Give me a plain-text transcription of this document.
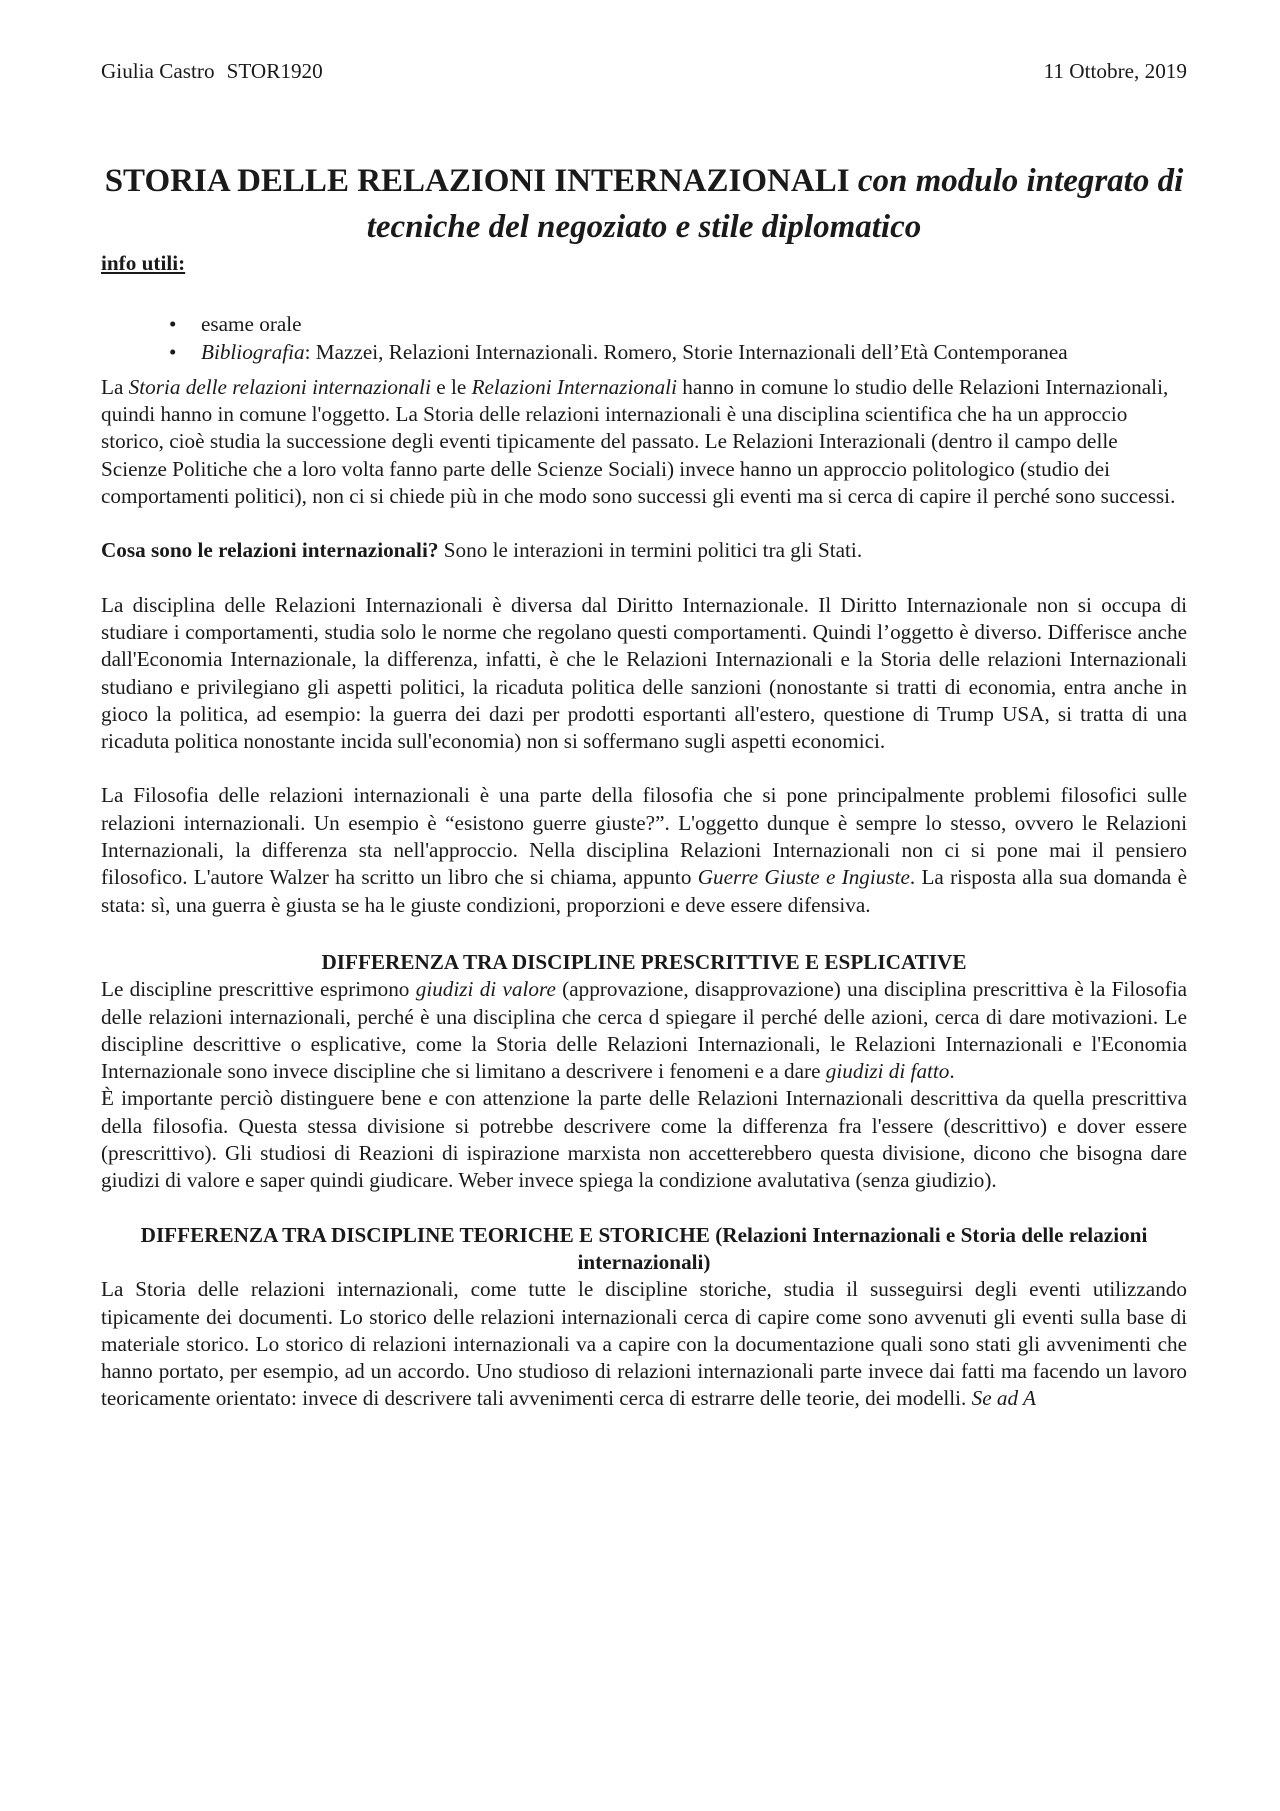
Giulia Castro STOR1920	11 Ottobre, 2019
STORIA DELLE RELAZIONI INTERNAZIONALI con modulo integrato di tecniche del negoziato e stile diplomatico

info utili:

• esame orale
• Bibliografia: Mazzei, Relazioni Internazionali. Romero, Storie Internazionali dell’Età Contemporanea

La Storia delle relazioni internazionali e le Relazioni Internazionali hanno in comune lo studio delle Relazioni Internazionali, quindi hanno in comune l'oggetto. La Storia delle relazioni internazionali è una disciplina scientifica che ha un approccio storico, cioè studia la successione degli eventi tipicamente del passato. Le Relazioni Interazionali (dentro il campo delle Scienze Politiche che a loro volta fanno parte delle Scienze Sociali) invece hanno un approccio politologico (studio dei comportamenti politici), non ci si chiede più in che modo sono successi gli eventi ma si cerca di capire il perché sono successi.

Cosa sono le relazioni internazionali? Sono le interazioni in termini politici tra gli Stati.

La disciplina delle Relazioni Internazionali è diversa dal Diritto Internazionale. Il Diritto Internazionale non si occupa di studiare i comportamenti, studia solo le norme che regolano questi comportamenti. Quindi l’oggetto è diverso. Differisce anche dall'Economia Internazionale, la differenza, infatti, è che le Relazioni Internazionali e la Storia delle relazioni Internazionali studiano e privilegiano gli aspetti politici, la ricaduta politica delle sanzioni (nonostante si tratti di economia, entra anche in gioco la politica, ad esempio: la guerra dei dazi per prodotti esportanti all'estero, questione di Trump USA, si tratta di una ricaduta politica nonostante incida sull'economia) non si soffermano sugli aspetti economici.

La Filosofia delle relazioni internazionali è una parte della filosofia che si pone principalmente problemi filosofici sulle relazioni internazionali. Un esempio è “esistono guerre giuste?”. L'oggetto dunque è sempre lo stesso, ovvero le Relazioni Internazionali, la differenza sta nell'approccio. Nella disciplina Relazioni Internazionali non ci si pone mai il pensiero filosofico. L'autore Walzer ha scritto un libro che si chiama, appunto Guerre Giuste e Ingiuste. La risposta alla sua domanda è stata: sì, una guerra è giusta se ha le giuste condizioni, proporzioni e deve essere difensiva.

DIFFERENZA TRA DISCIPLINE PRESCRITTIVE E ESPLICATIVE

Le discipline prescrittive esprimono giudizi di valore (approvazione, disapprovazione) una disciplina prescrittiva è la Filosofia delle relazioni internazionali, perché è una disciplina che cerca d spiegare il perché delle azioni, cerca di dare motivazioni. Le discipline descrittive o esplicative, come la Storia delle Relazioni Internazionali, le Relazioni Internazionali e l'Economia Internazionale sono invece discipline che si limitano a descrivere i fenomeni e a dare giudizi di fatto.

È importante perciò distinguere bene e con attenzione la parte delle Relazioni Internazionali descrittiva da quella prescrittiva della filosofia. Questa stessa divisione si potrebbe descrivere come la differenza fra l'essere (descrittivo) e dover essere (prescrittivo). Gli studiosi di Reazioni di ispirazione marxista non accetterebbero questa divisione, dicono che bisogna dare giudizi di valore e saper quindi giudicare. Weber invece spiega la condizione avalutativa (senza giudizio).

DIFFERENZA TRA DISCIPLINE TEORICHE E STORICHE (Relazioni Internazionali e Storia delle relazioni internazionali)

La Storia delle relazioni internazionali, come tutte le discipline storiche, studia il susseguirsi degli eventi utilizzando tipicamente dei documenti. Lo storico delle relazioni internazionali cerca di capire come sono avvenuti gli eventi sulla base di materiale storico. Lo storico di relazioni internazionali va a capire con la documentazione quali sono stati gli avvenimenti che hanno portato, per esempio, ad un accordo. Uno studioso di relazioni internazionali parte invece dai fatti ma facendo un lavoro teoricamente orientato: invece di descrivere tali avvenimenti cerca di estrarre delle teorie, dei modelli. Se ad A
